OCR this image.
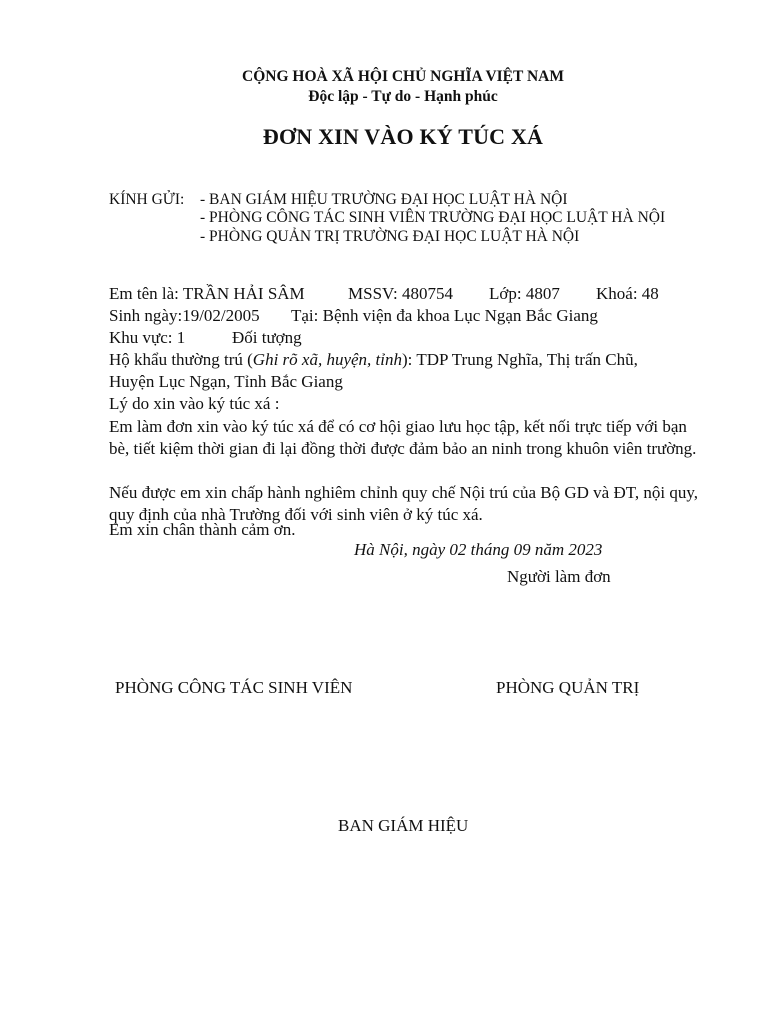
CỘNG HOÀ XÃ HỘI CHỦ NGHĨA VIỆT NAM
Độc lập - Tự do - Hạnh phúc
ĐƠN XIN VÀO KÝ TÚC XÁ
KÍNH GỬI: - BAN GIÁM HIỆU TRƯỜNG ĐẠI HỌC LUẬT HÀ NỘI
- PHÒNG CÔNG TÁC SINH VIÊN TRƯỜNG ĐẠI HỌC LUẬT HÀ NỘI
- PHÒNG QUẢN TRỊ TRƯỜNG ĐẠI HỌC LUẬT HÀ NỘI
Em tên là: TRẦN HẢI SÂM	MSSV: 480754 Lớp: 4807 Khoá: 48
Sinh ngày:19/02/2005 Tại: Bệnh viện đa khoa Lục Ngạn Bắc Giang
Khu vực: 1	Đối tượng
Hộ khẩu thường trú (Ghi rõ xã, huyện, tỉnh): TDP Trung Nghĩa, Thị trấn Chũ,
Huyện Lục Ngạn, Tỉnh Bắc Giang
Lý do xin vào ký túc xá :
Em làm đơn xin vào ký túc xá để có cơ hội giao lưu học tập, kết nối trực tiếp với bạn bè, tiết kiệm thời gian đi lại đồng thời được đảm bảo an ninh trong khuôn viên trường.
Nếu được em xin chấp hành nghiêm chỉnh quy chế Nội trú của Bộ GD và ĐT, nội quy, quy định của nhà Trường đối với sinh viên ở ký túc xá.
Em xin chân thành cảm ơn.
Hà Nội, ngày 02 tháng 09 năm 2023
Người làm đơn
PHÒNG CÔNG TÁC SINH VIÊN	PHÒNG QUẢN TRỊ
BAN GIÁM HIỆU
